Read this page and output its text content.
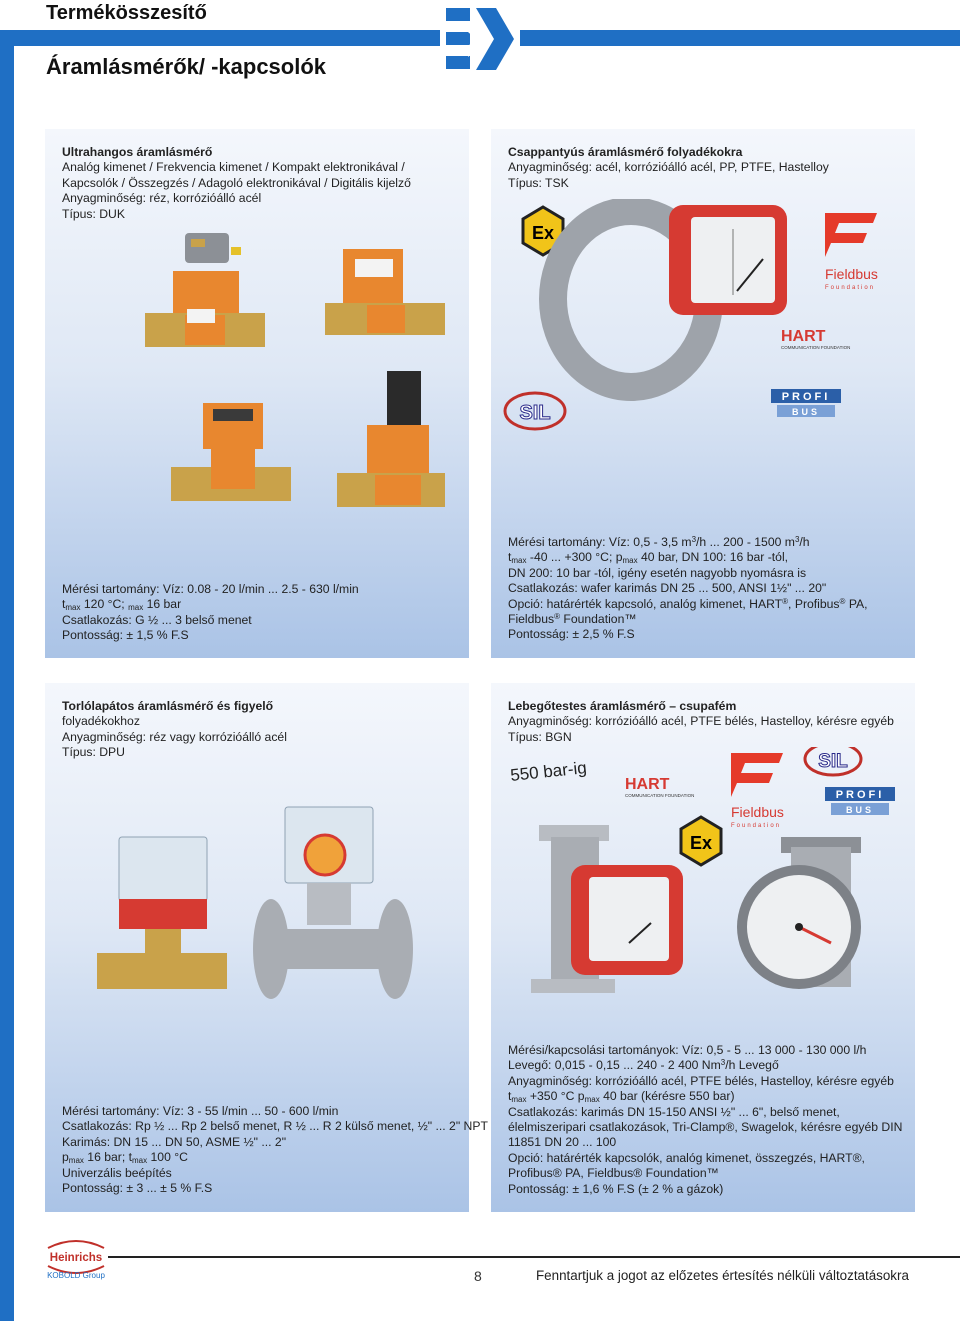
Termékösszesítő
Áramlásmérők/ -kapcsolók
Ultrahangos áramlásmérő
Analóg kimenet / Frekvencia kimenet / Kompakt elektronikával /
Kapcsolók / Összegzés / Adagoló elektronikával / Digitális kijelző
Anyagminőség: réz, korrózióálló acél
Típus: DUK
Mérési tartomány: Víz: 0.08 - 20 l/min ... 2.5 - 630 l/min
$t_{max}$ 120 °C; $_{max}$ 16 bar
Csatlakozás: G ½ ... 3 belső menet
Pontosság: ± 1,5 % F.S
Csappantyús áramlásmérő folyadékokra
Anyagminőség: acél, korrózióálló acél, PP, PTFE, Hastelloy
Típus: TSK
Ex
Fieldbus
Foundation
HART
COMMUNICATION FOUNDATION
SIL
PROFI
BUS
Mérési tartomány: Víz: 0,5 - 3,5 $m^3/h$ ... 200 - 1500 $m^3/h$
$t_{max}$ -40 ... +300 °C; $p_{max}$ 40 bar, DN 100: 16 bar -tól,
DN 200: 10 bar -tól, igény esetén nagyobb nyomásra is
Csatlakozás: wafer karimás DN 25 ... 500, ANSI 1½" ... 20"
Opció: határérték kapcsoló, analóg kimenet, HART®, Profibus® PA,
Fieldbus® Foundation™
Pontosság: ± 2,5 % F.S
Torlólapátos áramlásmérő és figyelő
folyadékokhoz
Anyagminőség: réz vagy korrózióálló acél
Típus: DPU
Mérési tartomány: Víz: 3 - 55 l/min ... 50 - 600 l/min
Csatlakozás: Rp ½ ... Rp 2 belső menet, R ½ ... R 2 külső menet, ½" ... 2" NPT
Karimás: DN 15 ... DN 50, ASME ½" ... 2"
$p_{max}$ 16 bar; $t_{max}$ 100 °C
Univerzális beépítés
Pontosság: ± 3 ... ± 5 % F.S
Lebegőtestes áramlásmérő – csupafém
Anyagminőség: korrózióálló acél, PTFE bélés, Hastelloy, kérésre egyéb
Típus: BGN
550 bar-ig HART
COMMUNICATION FOUNDATION
Fieldbus
Foundation
SIL
PROFI
BUS
Ex
Mérési/kapcsolási tartományok: Víz: 0,5 - 5 ... 13 000 - 130 000 l/h
Levegő: 0,015 - 0,15 ... 240 - 2 400 Nm$^3$/h Levegő
Anyagminőség: korrózióálló acél, PTFE bélés, Hastelloy, kérésre egyéb
$t_{max} +350$ °C $p_{max}$ 40 bar (kérésre 550 bar)
Csatlakozás: karimás DN 15-150 ANSI ½" ... 6", belső menet,
élelmiszeripari csatlakozások, Tri-Clamp®, Swagelok, kérésre egyéb DIN
11851 DN 20 ... 100
Opció: határérték kapcsolók, analóg kimenet, összegzés, HART®,
Profibus® PA, Fieldbus® Foundation™
Pontosság: ± 1,6 % F.S (± 2 % a gázok)
Heinrichs
KOBOLD Group	8	Fenntartjuk a jogot az előzetes értesítés nélküli változtatásokra
